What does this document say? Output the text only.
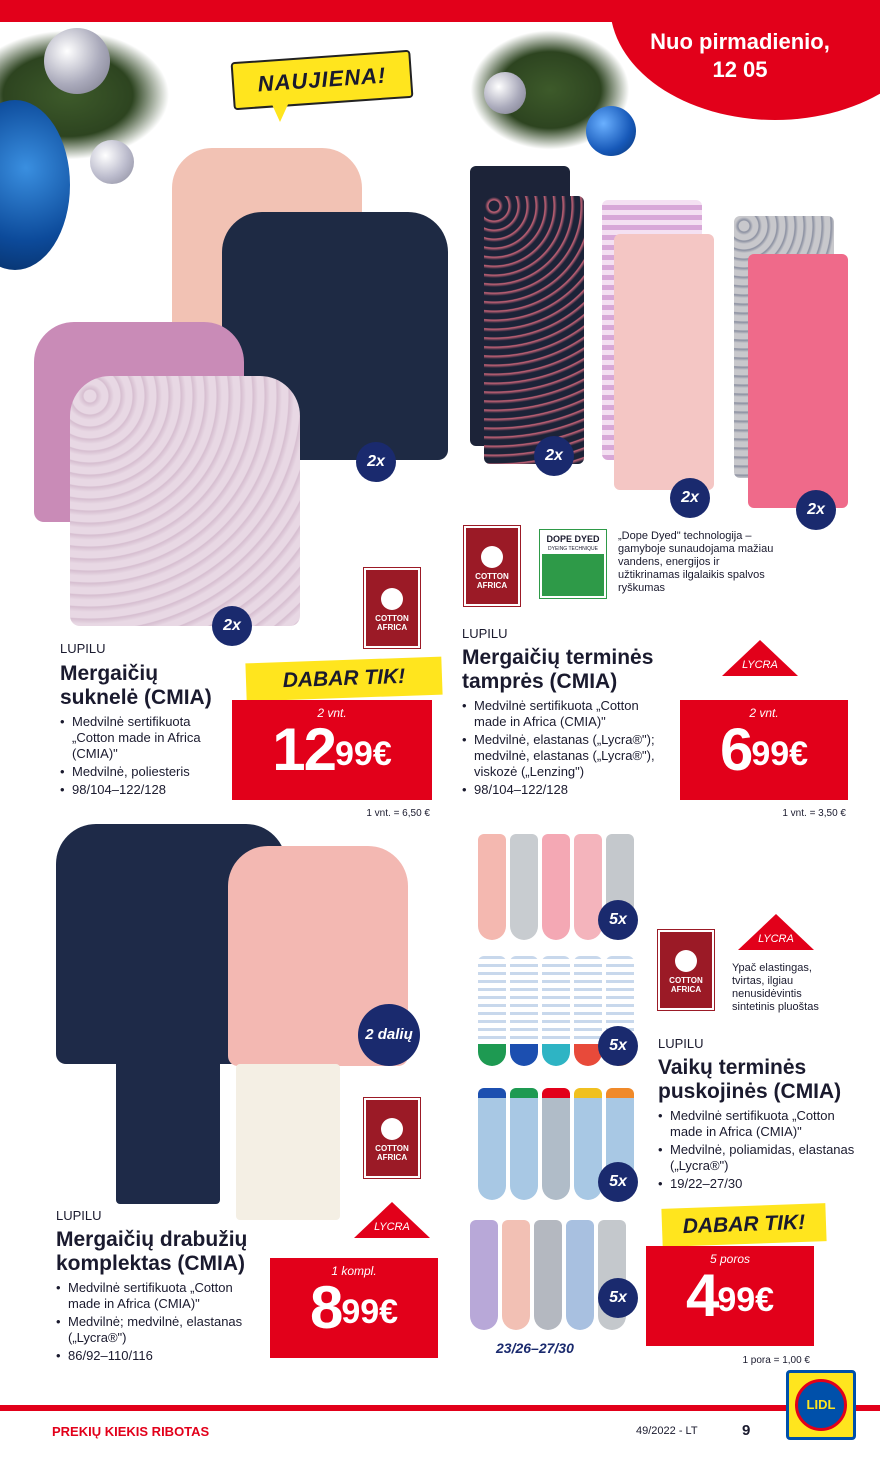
Nuo pirmadienio,
12 05
NAUJIENA!
2x
2x	COTTON
AFRICA
LUPILU
Mergaičių
suknelė (CMIA)
• Medvilnė sertifikuota „Cotton made in Africa (CMIA)"
• Medvilnė, poliesteris
• 98/104–122/128
DABAR TIK!
2 vnt.
$12^{99€}$
1 vnt. = 6,50 €
2x
2x
2x
COTTON
AFRICA
DOPE DYED
DYEING TECHNIQUE
„Dope Dyed" technologija – gamyboje sunaudojama mažiau vandens, energijos ir užtikrinamas ilgalaikis spalvos ryškumas
LYCRA
LUPILU
Mergaičių terminės
tamprės (CMIA)
• Medvilnė sertifikuota „Cotton made in Africa (CMIA)"
• Medvilnė, elastanas („Lycra®"); medvilnė, elastanas („Lycra®"), viskozė („Lenzing")
• 98/104–122/128
2 vnt.
$6^{99€}$
1 vnt. = 3,50 €
2 dalių
COTTON
AFRICA
LYCRA
LUPILU
Mergaičių drabužių
komplektas (CMIA)
• Medvilnė sertifikuota „Cotton made in Africa (CMIA)"
• Medvilnė; medvilnė, elastanas („Lycra®")
• 86/92–110/116
1 kompl.
$8^{99€}$
5x
5x
5x
5x
23/26–27/30
COTTON
AFRICA
LYCRA
Ypač elastingas, tvirtas, ilgiau nenusidėvintis sintetinis pluoštas
LUPILU
Vaikų terminės
puskojinės (CMIA)
• Medvilnė sertifikuota „Cotton made in Africa (CMIA)"
• Medvilnė, poliamidas, elastanas („Lycra®")
• 19/22–27/30
DABAR TIK!
5 poros
$4^{99€}$
1 pora = 1,00 €
PREKIŲ KIEKIS RIBOTAS	49/2022 - LT	9
LIDL
